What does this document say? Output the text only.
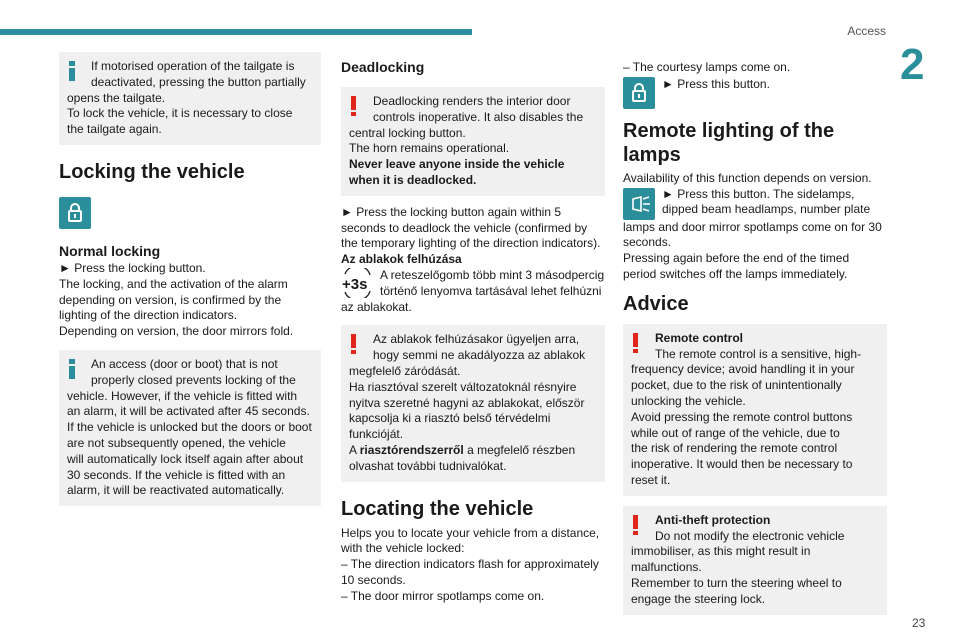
Access
2
23

If motorised operation of the tailgate is

deactivated, pressing the button partially

opens the tailgate.

To lock the vehicle, it is necessary to close

the tailgate again.

Locking the vehicle
Normal locking

► Press the locking button.

The locking, and the activation of the alarm

depending on version, is confirmed by the

lighting of the direction indicators.

Depending on version, the door mirrors fold.

An access (door or boot) that is not

properly closed prevents locking of the

vehicle. However, if the vehicle is fitted with

an alarm, it will be activated after 45 seconds.

If the vehicle is unlocked but the doors or boot

are not subsequently opened, the vehicle

will automatically lock itself again after about

30 seconds. If the vehicle is fitted with an

alarm, it will be reactivated automatically.

Deadlocking

Deadlocking renders the interior door

controls inoperative. It also disables the

central locking button.

The horn remains operational.

Never leave anyone inside the vehicle

when it is deadlocked.

► Press the locking button again within 5

seconds to deadlock the vehicle (confirmed by

the temporary lighting of the direction indicators).

Az ablakok felhúzása

+3s

A reteszelőgomb több mint 3 másodpercig

történő lenyomva tartásával lehet felhúzni

az ablakokat.

Az ablakok felhúzásakor ügyeljen arra,

hogy semmi ne akadályozza az ablakok

megfelelő záródását.

Ha riasztóval szerelt változatoknál résnyire

nyitva szeretné hagyni az ablakokat, először

kapcsolja ki a riasztó belső térvédelmi

funkcióját.

A riasztórendszerről a megfelelő részben

olvashat további tudnivalókat.

Locating the vehicle

Helps you to locate your vehicle from a distance,

with the vehicle locked:

– The direction indicators flash for approximately

10 seconds.

– The door mirror spotlamps come on.

– The courtesy lamps come on.

► Press this button.

Remote lighting of the
lamps

Availability of this function depends on version.

► Press this button. The sidelamps,

dipped beam headlamps, number plate

lamps and door mirror spotlamps come on for 30

seconds.

Pressing again before the end of the timed

period switches off the lamps immediately.

Advice

Remote control

The remote control is a sensitive, high-

frequency device; avoid handling it in your

pocket, due to the risk of unintentionally

unlocking the vehicle.

Avoid pressing the remote control buttons

while out of range of the vehicle, due to

the risk of rendering the remote control

inoperative. It would then be necessary to

reset it.

Anti-theft protection

Do not modify the electronic vehicle

immobiliser, as this might result in

malfunctions.

Remember to turn the steering wheel to

engage the steering lock.
